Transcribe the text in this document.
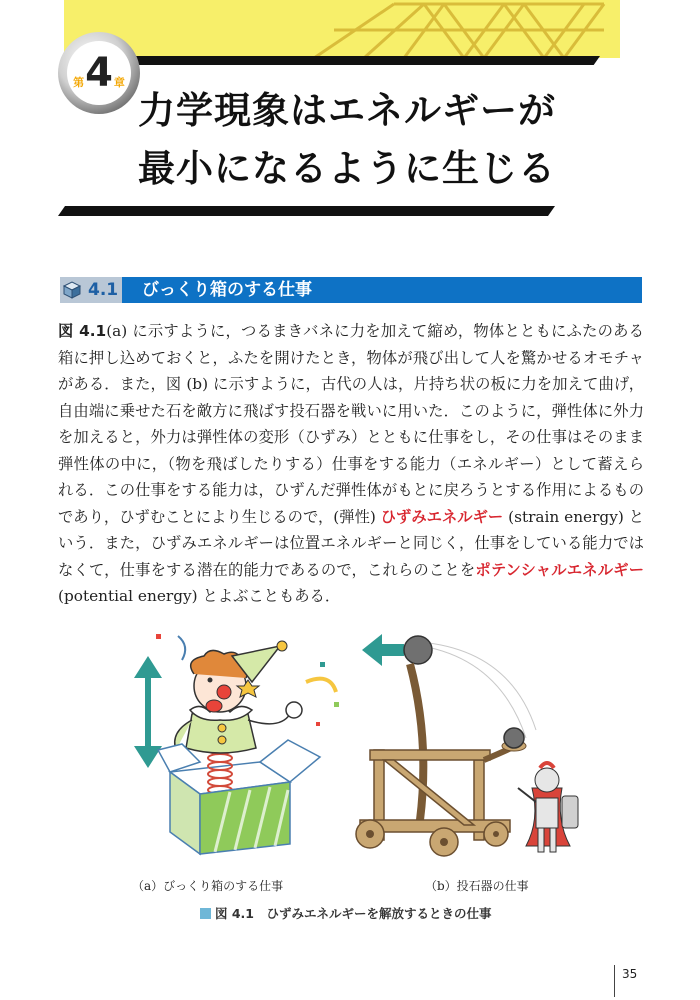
第4章
力学現象はエネルギーが
最小になるように生じる
4.1 びっくり箱のする仕事
図 4.1(a) に示すように，つるまきバネに力を加えて縮め，物体とともにふたのある箱に押し込めておくと，ふたを開けたとき，物体が飛び出して人を驚かせるオモチャがある．また，図 (b) に示すように，古代の人は，片持ち状の板に力を加えて曲げ，自由端に乗せた石を敵方に飛ばす投石器を戦いに用いた．このように，弾性体に外力を加えると，外力は弾性体の変形（ひずみ）とともに仕事をし，その仕事はそのまま弾性体の中に，（物を飛ばしたりする）仕事をする能力（エネルギー）として蓄えられる．この仕事をする能力は，ひずんだ弾性体がもとに戻ろうとする作用によるものであり，ひずむことにより生じるので，(弾性) ひずみエネルギー (strain energy) という．また，ひずみエネルギーは位置エネルギーと同じく，仕事をしている能力ではなくて，仕事をする潜在的能力であるので，これらのことをポテンシャルエネルギー (potential energy) とよぶこともある．
（a）びっくり箱のする仕事	（b）投石器の仕事
図 4.1　ひずみエネルギーを解放するときの仕事
35
